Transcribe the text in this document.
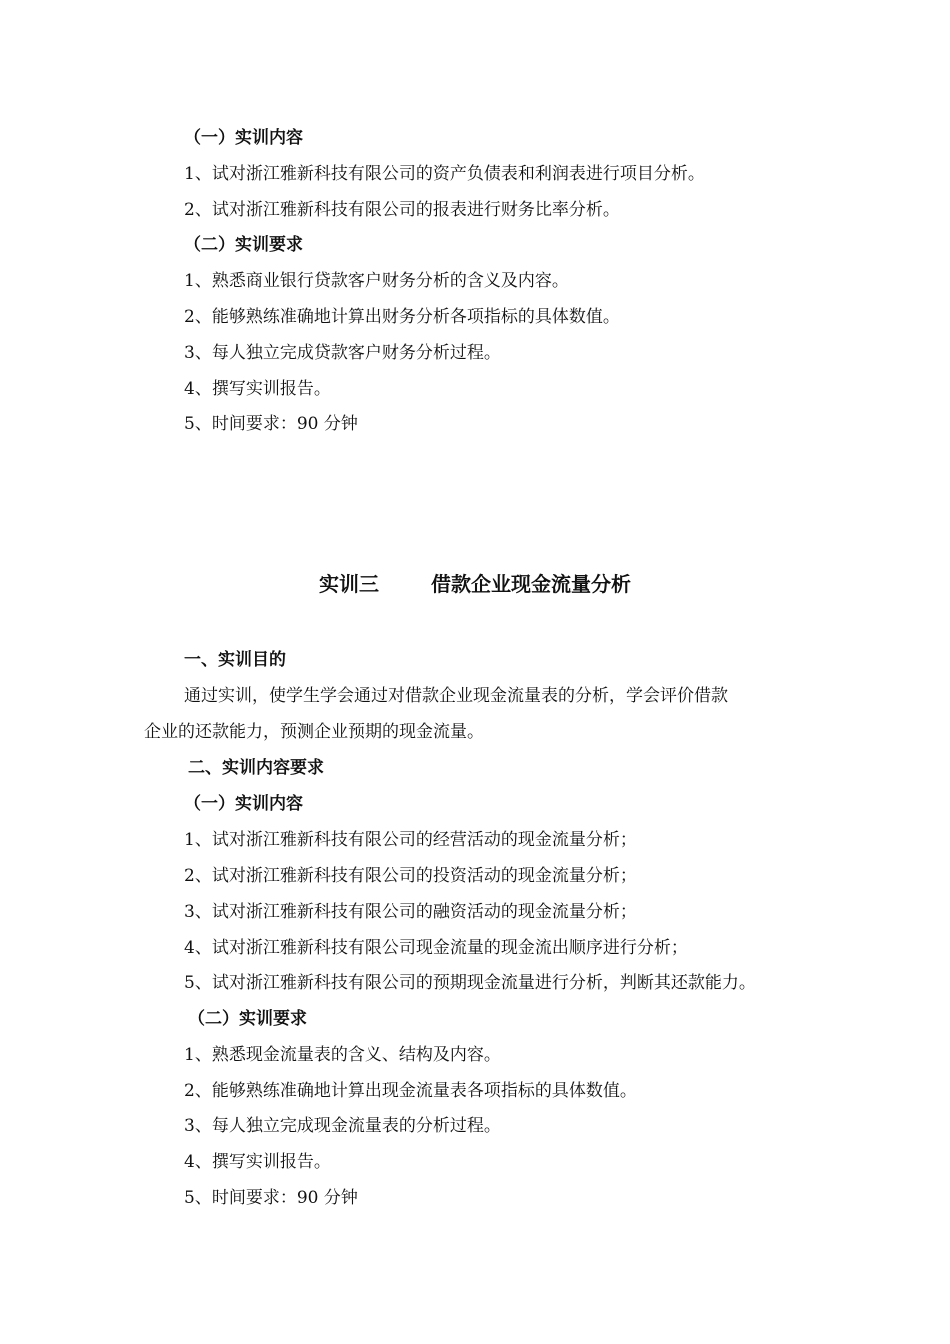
（一）实训内容
1、试对浙江雅新科技有限公司的资产负债表和利润表进行项目分析。
2、试对浙江雅新科技有限公司的报表进行财务比率分析。
（二）实训要求
1、熟悉商业银行贷款客户财务分析的含义及内容。
2、能够熟练准确地计算出财务分析各项指标的具体数值。
3、每人独立完成贷款客户财务分析过程。
4、撰写实训报告。
5、时间要求：90 分钟
实训三	借款企业现金流量分析
一、实训目的
通过实训，使学生学会通过对借款企业现金流量表的分析，学会评价借款
企业的还款能力，预测企业预期的现金流量。
二、实训内容要求
（一）实训内容
1、试对浙江雅新科技有限公司的经营活动的现金流量分析；
2、试对浙江雅新科技有限公司的投资活动的现金流量分析；
3、试对浙江雅新科技有限公司的融资活动的现金流量分析；
4、试对浙江雅新科技有限公司现金流量的现金流出顺序进行分析；
5、试对浙江雅新科技有限公司的预期现金流量进行分析，判断其还款能力。
（二）实训要求
1、熟悉现金流量表的含义、结构及内容。
2、能够熟练准确地计算出现金流量表各项指标的具体数值。
3、每人独立完成现金流量表的分析过程。
4、撰写实训报告。
5、时间要求：90 分钟
